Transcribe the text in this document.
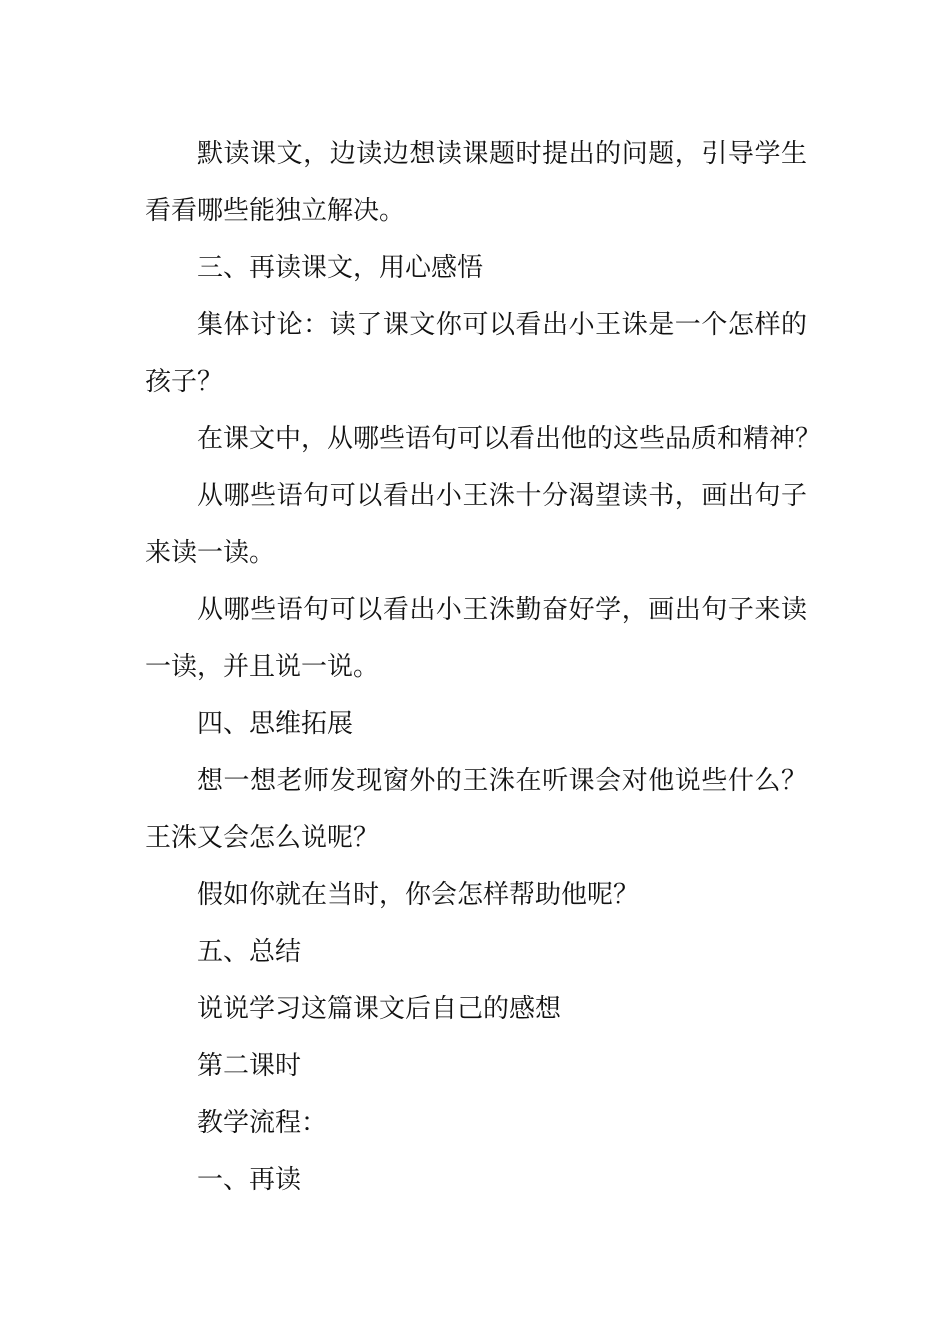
默读课文，边读边想读课题时提出的问题，引导学生
看看哪些能独立解决。
三、再读课文，用心感悟
集体讨论：读了课文你可以看出小王诛是一个怎样的
孩子？
在课文中，从哪些语句可以看出他的这些品质和精神？
从哪些语句可以看出小王洙十分渴望读书，画出句子
来读一读。
从哪些语句可以看出小王洙勤奋好学，画出句子来读
一读，并且说一说。
四、思维拓展
想一想老师发现窗外的王洙在听课会对他说些什么？
王洙又会怎么说呢？
假如你就在当时，你会怎样帮助他呢？
五、总结
说说学习这篇课文后自己的感想
第二课时
教学流程：
一、再读
